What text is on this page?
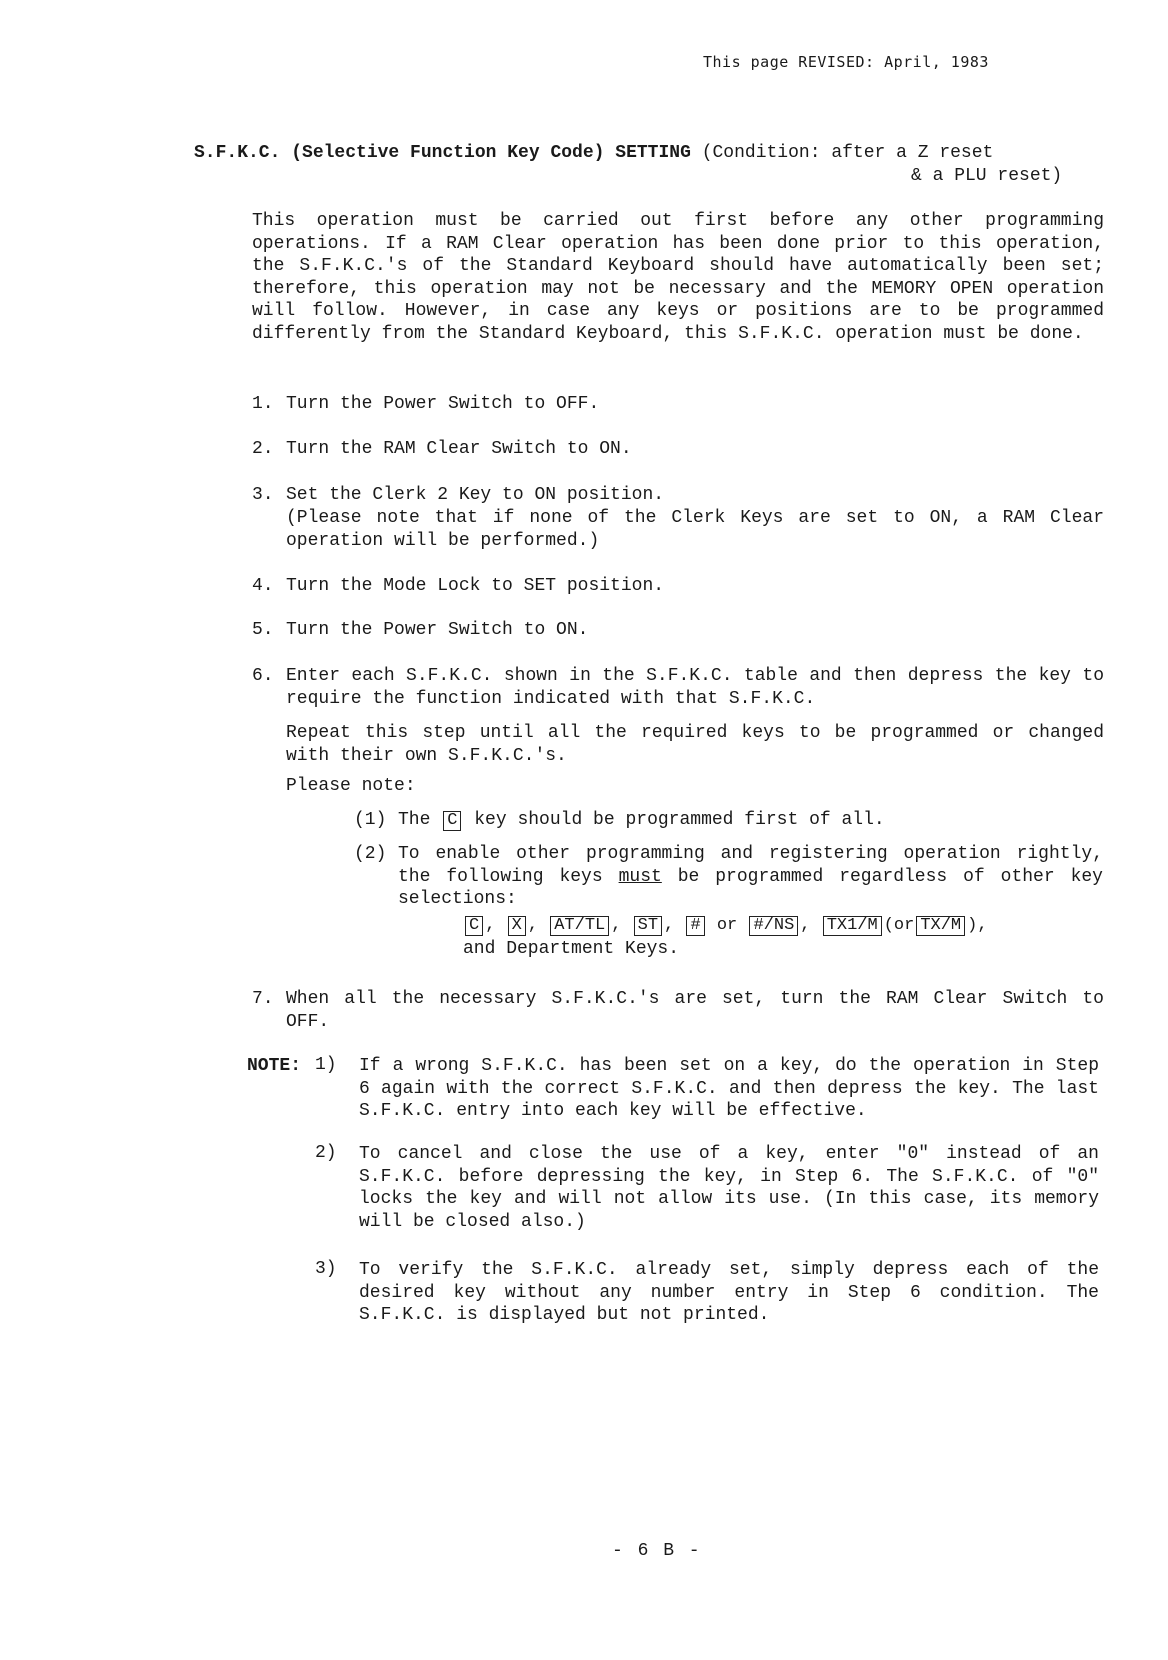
This page REVISED: April, 1983
S.F.K.C. (Selective Function Key Code) SETTING (Condition: after a Z reset
& a PLU reset)
This operation must be carried out first before any other programming operations. If a RAM Clear operation has been done prior to this operation, the S.F.K.C.'s of the Standard Keyboard should have automatically been set; therefore, this operation may not be necessary and the MEMORY OPEN operation will follow. However, in case any keys or positions are to be programmed differently from the Standard Keyboard, this S.F.K.C. operation must be done.
1. Turn the Power Switch to OFF.
2. Turn the RAM Clear Switch to ON.
3. Set the Clerk 2 Key to ON position.
(Please note that if none of the Clerk Keys are set to ON, a RAM Clear operation will be performed.)
4. Turn the Mode Lock to SET position.
5. Turn the Power Switch to ON.
6. Enter each S.F.K.C. shown in the S.F.K.C. table and then depress the key to require the function indicated with that S.F.K.C.
Repeat this step until all the required keys to be programmed or changed with their own S.F.K.C.'s.
Please note:
(1) The C key should be programmed first of all.
(2) To enable other programming and registering operation rightly, the following keys must be programmed regardless of other key selections:
C , X , AT/TL , ST , # or #/NS , TX1/M (or TX/M ),
and Department Keys.
7. When all the necessary S.F.K.C.'s are set, turn the RAM Clear Switch to OFF.
NOTE: 1) If a wrong S.F.K.C. has been set on a key, do the operation in Step 6 again with the correct S.F.K.C. and then depress the key. The last S.F.K.C. entry into each key will be effective.
2) To cancel and close the use of a key, enter "0" instead of an S.F.K.C. before depressing the key, in Step 6. The S.F.K.C. of "0" locks the key and will not allow its use. (In this case, its memory will be closed also.)
3) To verify the S.F.K.C. already set, simply depress each of the desired key without any number entry in Step 6 condition. The S.F.K.C. is displayed but not printed.
- 6 B -
